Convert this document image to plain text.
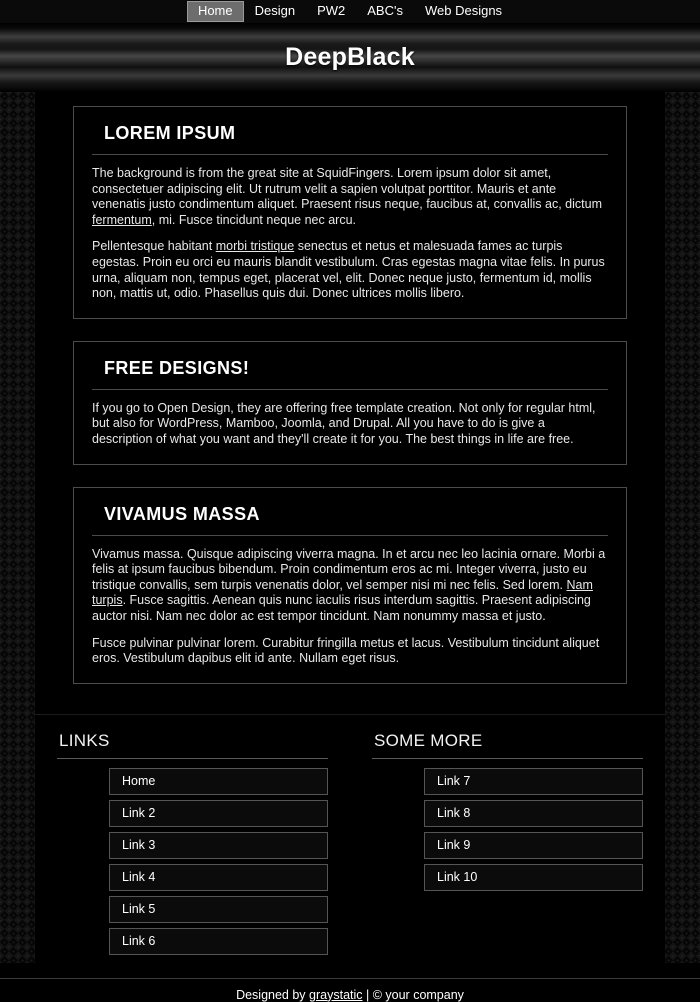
Home	Design	PW2	ABC's	Web Designs
DeepBlack
LOREM IPSUM

The background is from the great site at SquidFingers. Lorem ipsum dolor sit amet, consectetuer adipiscing elit. Ut rutrum velit a sapien volutpat porttitor. Mauris et ante venenatis justo condimentum aliquet. Praesent risus neque, faucibus at, convallis ac, dictum fermentum, mi. Fusce tincidunt neque nec arcu.

Pellentesque habitant morbi tristique senectus et netus et malesuada fames ac turpis egestas. Proin eu orci eu mauris blandit vestibulum. Cras egestas magna vitae felis. In purus urna, aliquam non, tempus eget, placerat vel, elit. Donec neque justo, fermentum id, mollis non, mattis ut, odio. Phasellus quis dui. Donec ultrices mollis libero.

FREE DESIGNS!

If you go to Open Design, they are offering free template creation. Not only for regular html, but also for WordPress, Mamboo, Joomla, and Drupal. All you have to do is give a description of what you want and they'll create it for you. The best things in life are free.

VIVAMUS MASSA

Vivamus massa. Quisque adipiscing viverra magna. In et arcu nec leo lacinia ornare. Morbi a felis at ipsum faucibus bibendum. Proin condimentum eros ac mi. Integer viverra, justo eu tristique convallis, sem turpis venenatis dolor, vel semper nisi mi nec felis. Sed lorem. Nam turpis. Fusce sagittis. Aenean quis nunc iaculis risus interdum sagittis. Praesent adipiscing auctor nisi. Nam nec dolor ac est tempor tincidunt. Nam nonummy massa et justo.

Fusce pulvinar pulvinar lorem. Curabitur fringilla metus et lacus. Vestibulum tincidunt aliquet eros. Vestibulum dapibus elit id ante. Nullam eget risus.

LINKS
Home
Link 2
Link 3
Link 4
Link 5
Link 6
SOME MORE
Link 7
Link 8
Link 9
Link 10

Designed by graystatic | © your company
